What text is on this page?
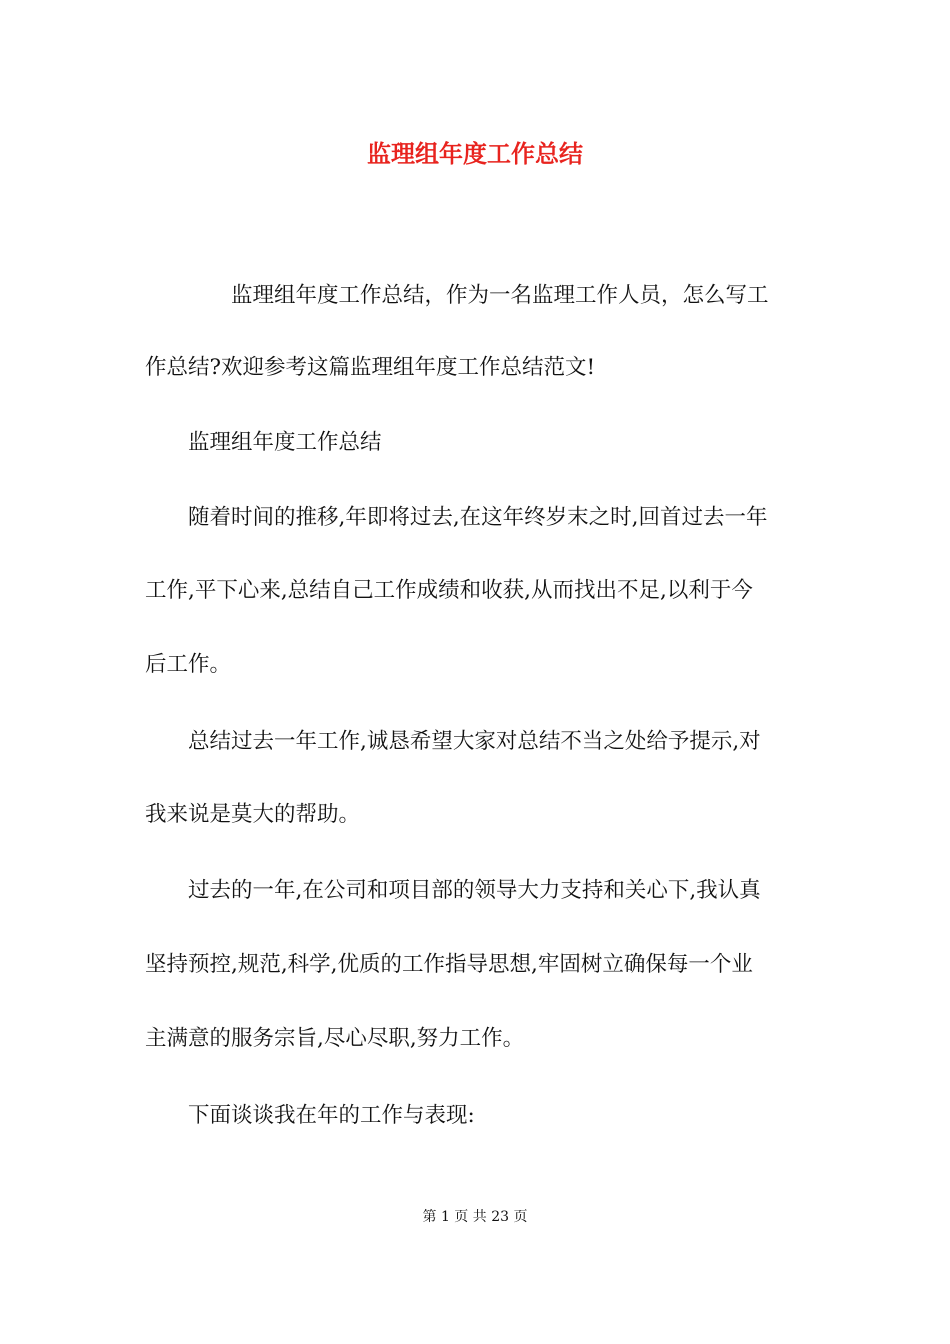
监理组年度工作总结

　　　　监理组年度工作总结，作为一名监理工作人员，怎么写工

作总结?欢迎参考这篇监理组年度工作总结范文!

　　监理组年度工作总结

　　随着时间的推移,年即将过去,在这年终岁末之时,回首过去一年

工作,平下心来,总结自己工作成绩和收获,从而找出不足,以利于今

后工作。

　　总结过去一年工作,诚恳希望大家对总结不当之处给予提示,对

我来说是莫大的帮助。

　　过去的一年,在公司和项目部的领导大力支持和关心下,我认真

坚持预控,规范,科学,优质的工作指导思想,牢固树立确保每一个业

主满意的服务宗旨,尽心尽职,努力工作。

　　下面谈谈我在年的工作与表现:

第 1 页 共 23 页
